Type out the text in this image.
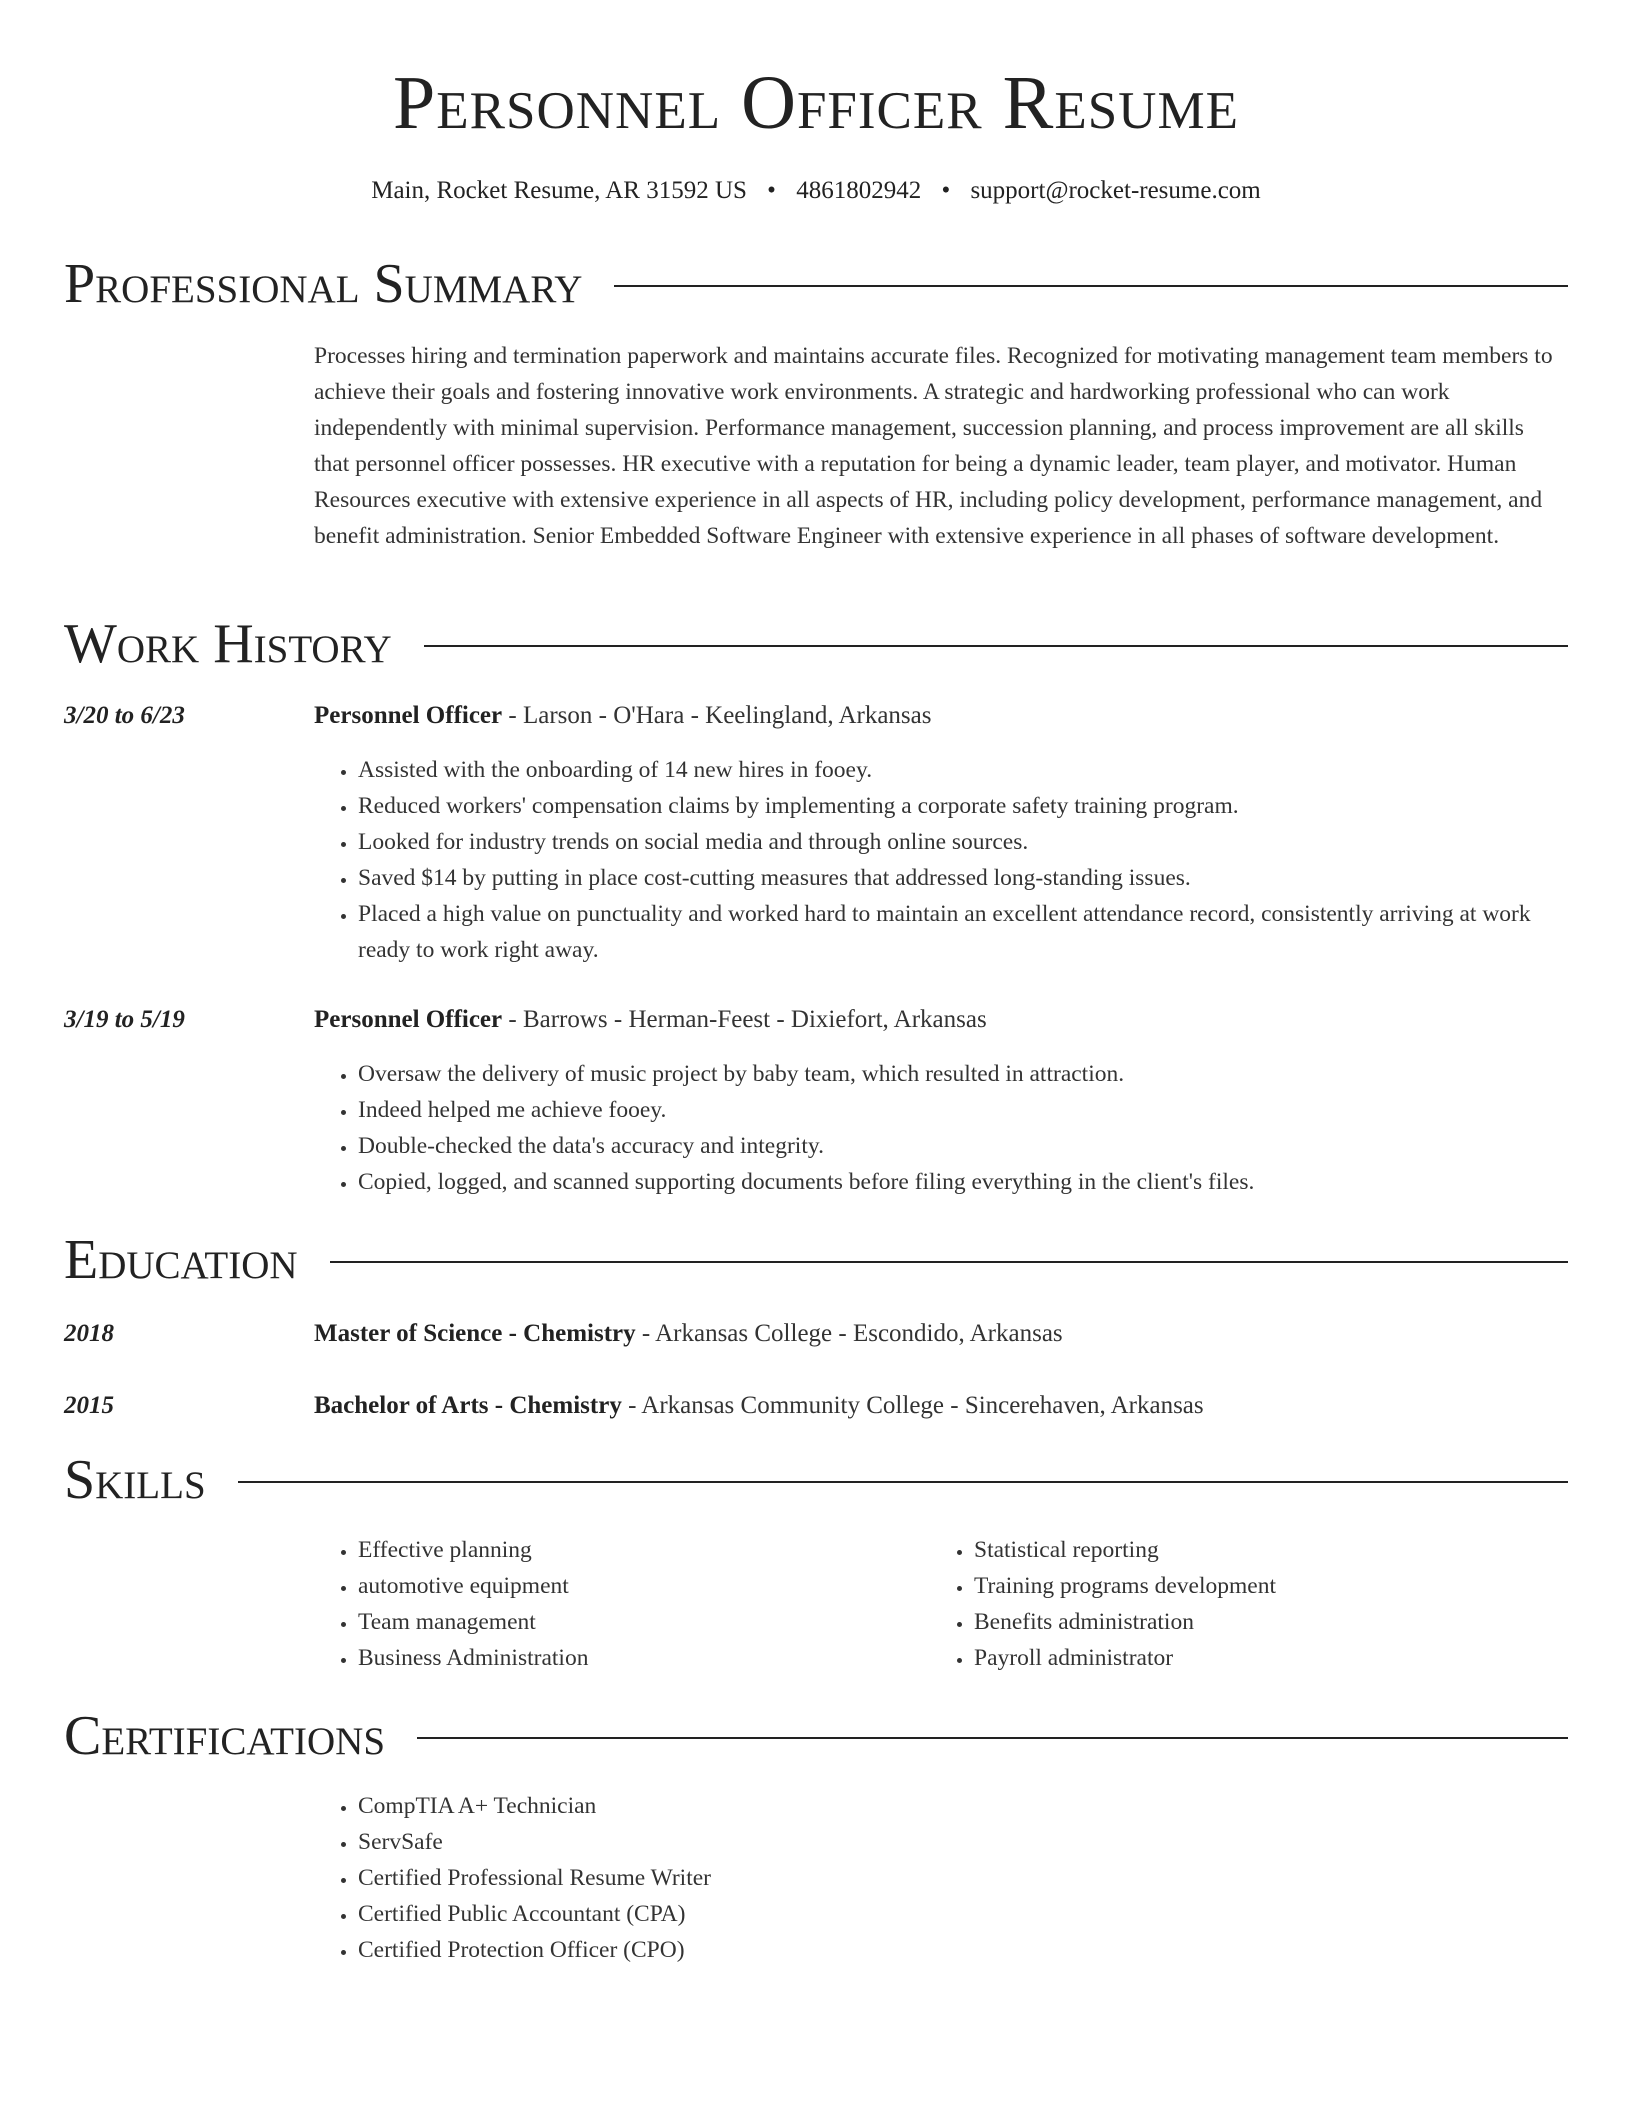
Personnel Officer Resume
Main, Rocket Resume, AR 31592 US • 4861802942 • support@rocket-resume.com
Professional Summary

Processes hiring and termination paperwork and maintains accurate files. Recognized for motivating management team members to achieve their goals and fostering innovative work environments. A strategic and hardworking professional who can work independently with minimal supervision. Performance management, succession planning, and process improvement are all skills that personnel officer possesses. HR executive with a reputation for being a dynamic leader, team player, and motivator. Human Resources executive with extensive experience in all aspects of HR, including policy development, performance management, and benefit administration. Senior Embedded Software Engineer with extensive experience in all phases of software development.

Work History
3/20 to 6/23	Personnel Officer - Larson - O'Hara - Keelingland, Arkansas
• Assisted with the onboarding of 14 new hires in fooey.
• Reduced workers' compensation claims by implementing a corporate safety training program.
• Looked for industry trends on social media and through online sources.
• Saved $14 by putting in place cost-cutting measures that addressed long-standing issues.
• Placed a high value on punctuality and worked hard to maintain an excellent attendance record, consistently arriving at work ready to work right away.
3/19 to 5/19	Personnel Officer - Barrows - Herman-Feest - Dixiefort, Arkansas
• Oversaw the delivery of music project by baby team, which resulted in attraction.
• Indeed helped me achieve fooey.
• Double-checked the data's accuracy and integrity.
• Copied, logged, and scanned supporting documents before filing everything in the client's files.
Education
2018	Master of Science - Chemistry - Arkansas College - Escondido, Arkansas
2015	Bachelor of Arts - Chemistry - Arkansas Community College - Sincerehaven, Arkansas
Skills
• Effective planning
• automotive equipment
• Team management
• Business Administration
• Statistical reporting
• Training programs development
• Benefits administration
• Payroll administrator
Certifications
• CompTIA A+ Technician
• ServSafe
• Certified Professional Resume Writer
• Certified Public Accountant (CPA)
• Certified Protection Officer (CPO)
